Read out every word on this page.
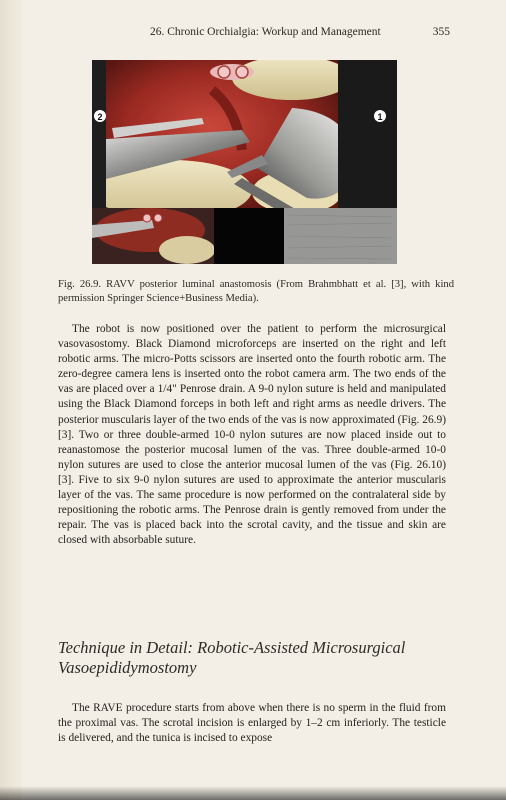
26. Chronic Orchialgia: Workup and Management	355
2	1
Fig. 26.9. RAVV posterior luminal anastomosis (From Brahmbhatt et al. [3], with kind permission Springer Science+Business Media).
The robot is now positioned over the patient to perform the microsurgical vasovasostomy. Black Diamond microforceps are inserted on the right and left robotic arms. The micro-Potts scissors are inserted onto the fourth robotic arm. The zero-degree camera lens is inserted onto the robot camera arm. The two ends of the vas are placed over a 1/4" Penrose drain. A 9-0 nylon suture is held and manipulated using the Black Diamond forceps in both left and right arms as needle drivers. The posterior muscularis layer of the two ends of the vas is now approximated (Fig. 26.9) [3]. Two or three double-armed 10-0 nylon sutures are now placed inside out to reanastomose the posterior mucosal lumen of the vas. Three double-armed 10-0 nylon sutures are used to close the anterior mucosal lumen of the vas (Fig. 26.10) [3]. Five to six 9-0 nylon sutures are used to approximate the anterior muscularis layer of the vas. The same procedure is now performed on the contralateral side by repositioning the robotic arms. The Penrose drain is gently removed from under the repair. The vas is placed back into the scrotal cavity, and the tissue and skin are closed with absorbable suture.
Technique in Detail: Robotic-Assisted Microsurgical Vasoepididymostomy
The RAVE procedure starts from above when there is no sperm in the fluid from the proximal vas. The scrotal incision is enlarged by 1–2 cm inferiorly. The testicle is delivered, and the tunica is incised to expose
